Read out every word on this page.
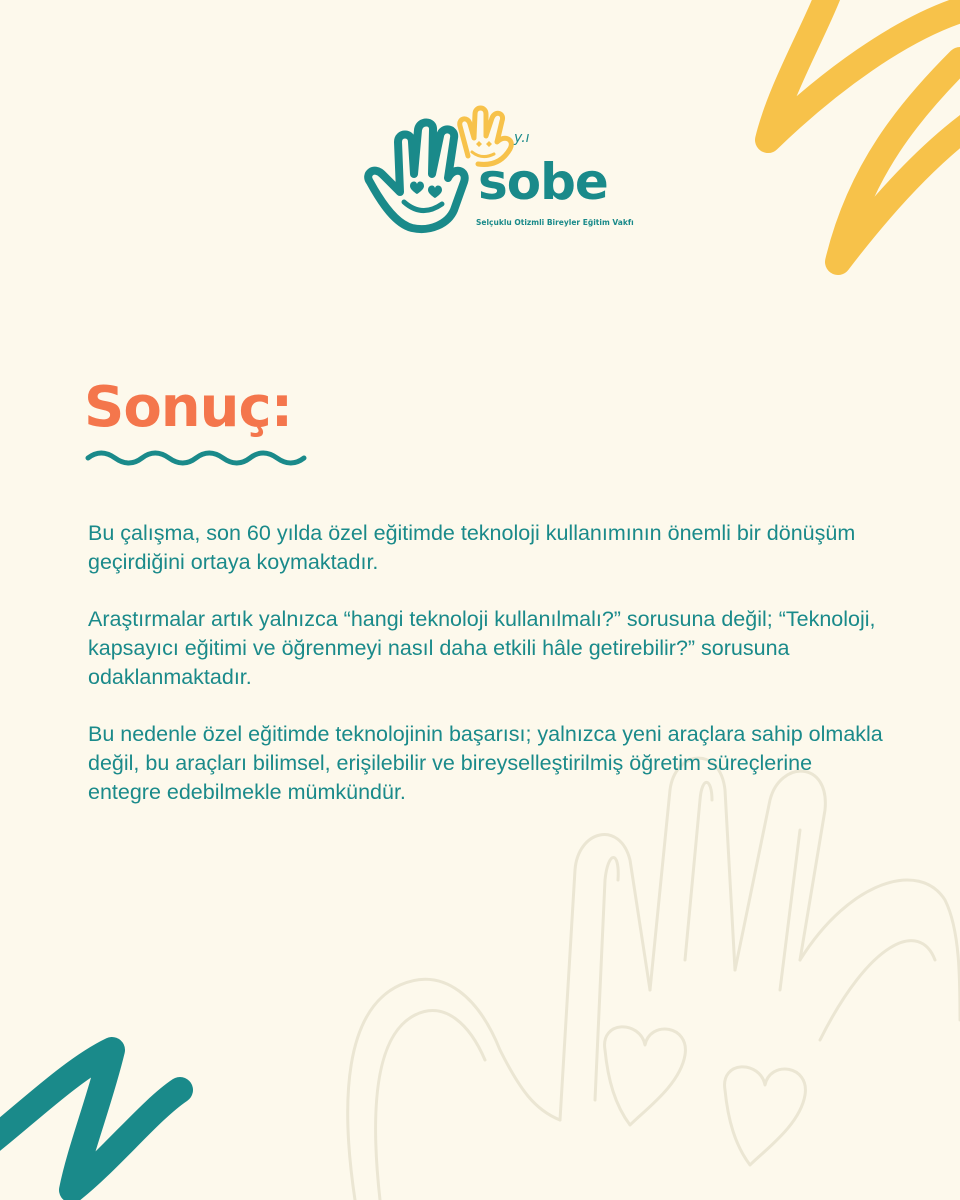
y.ı
sobe
Selçuklu Otizmli Bireyler Eğitim Vakfı
Sonuç:

Bu çalışma, son 60 yılda özel eğitimde teknoloji kullanımının önemli bir dönüşüm geçirdiğini ortaya koymaktadır.

Araştırmalar artık yalnızca “hangi teknoloji kullanılmalı?” sorusuna değil; “Teknoloji, kapsayıcı eğitimi ve öğrenmeyi nasıl daha etkili hâle getirebilir?” sorusuna odaklanmaktadır.

Bu nedenle özel eğitimde teknolojinin başarısı; yalnızca yeni araçlara sahip olmakla değil, bu araçları bilimsel, erişilebilir ve bireyselleştirilmiş öğretim süreçlerine entegre edebilmekle mümkündür.
